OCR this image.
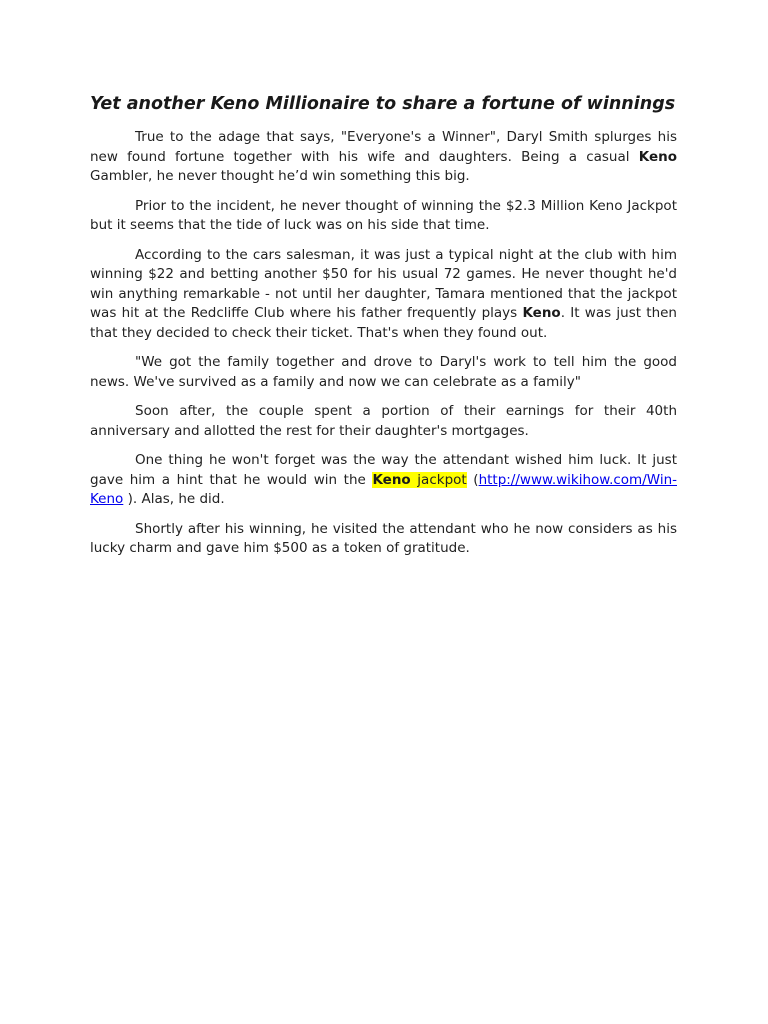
Yet another Keno Millionaire to share a fortune of winnings

True to the adage that says, "Everyone's a Winner", Daryl Smith splurges his new found fortune together with his wife and daughters. Being a casual Keno Gambler, he never thought he’d win something this big.

Prior to the incident, he never thought of winning the $2.3 Million Keno Jackpot but it seems that the tide of luck was on his side that time.

According to the cars salesman, it was just a typical night at the club with him winning $22 and betting another $50 for his usual 72 games. He never thought he'd win anything remarkable - not until her daughter, Tamara mentioned that the jackpot was hit at the Redcliffe Club where his father frequently plays Keno. It was just then that they decided to check their ticket. That's when they found out.

"We got the family together and drove to Daryl's work to tell him the good news. We've survived as a family and now we can celebrate as a family"

Soon after, the couple spent a portion of their earnings for their 40th anniversary and allotted the rest for their daughter's mortgages.

One thing he won't forget was the way the attendant wished him luck. It just gave him a hint that he would win the Keno jackpot (http://www.wikihow.com/Win-Keno ). Alas, he did.

Shortly after his winning, he visited the attendant who he now considers as his lucky charm and gave him $500 as a token of gratitude.
